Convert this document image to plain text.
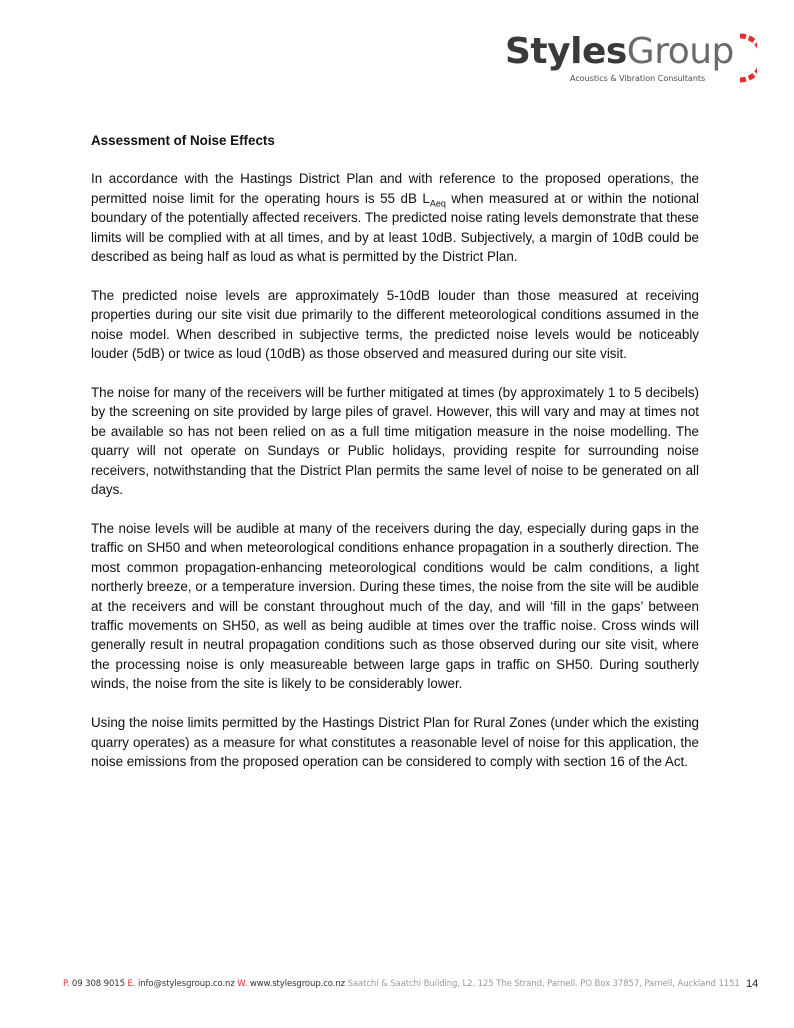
StylesGroup
Acoustics & Vibration Consultants

Assessment of Noise Effects

In accordance with the Hastings District Plan and with reference to the proposed operations, the permitted noise limit for the operating hours is 55 dB $L_{Aeq}$ when measured at or within the notional boundary of the potentially affected receivers. The predicted noise rating levels demonstrate that these limits will be complied with at all times, and by at least 10dB. Subjectively, a margin of 10dB could be described as being half as loud as what is permitted by the District Plan.

The predicted noise levels are approximately 5-10dB louder than those measured at receiving properties during our site visit due primarily to the different meteorological conditions assumed in the noise model. When described in subjective terms, the predicted noise levels would be noticeably louder (5dB) or twice as loud (10dB) as those observed and measured during our site visit.

The noise for many of the receivers will be further mitigated at times (by approximately 1 to 5 decibels) by the screening on site provided by large piles of gravel. However, this will vary and may at times not be available so has not been relied on as a full time mitigation measure in the noise modelling. The quarry will not operate on Sundays or Public holidays, providing respite for surrounding noise receivers, notwithstanding that the District Plan permits the same level of noise to be generated on all days.

The noise levels will be audible at many of the receivers during the day, especially during gaps in the traffic on SH50 and when meteorological conditions enhance propagation in a southerly direction. The most common propagation-enhancing meteorological conditions would be calm conditions, a light northerly breeze, or a temperature inversion. During these times, the noise from the site will be audible at the receivers and will be constant throughout much of the day, and will ‘fill in the gaps’ between traffic movements on SH50, as well as being audible at times over the traffic noise. Cross winds will generally result in neutral propagation conditions such as those observed during our site visit, where the processing noise is only measureable between large gaps in traffic on SH50. During southerly winds, the noise from the site is likely to be considerably lower.

Using the noise limits permitted by the Hastings District Plan for Rural Zones (under which the existing quarry operates) as a measure for what constitutes a reasonable level of noise for this application, the noise emissions from the proposed operation can be considered to comply with section 16 of the Act.

P. 09 308 9015 E. info@stylesgroup.co.nz W. www.stylesgroup.co.nz Saatchi & Saatchi Building, L2, 125 The Strand, Parnell. PO Box 37857, Parnell, Auckland 1151 14
